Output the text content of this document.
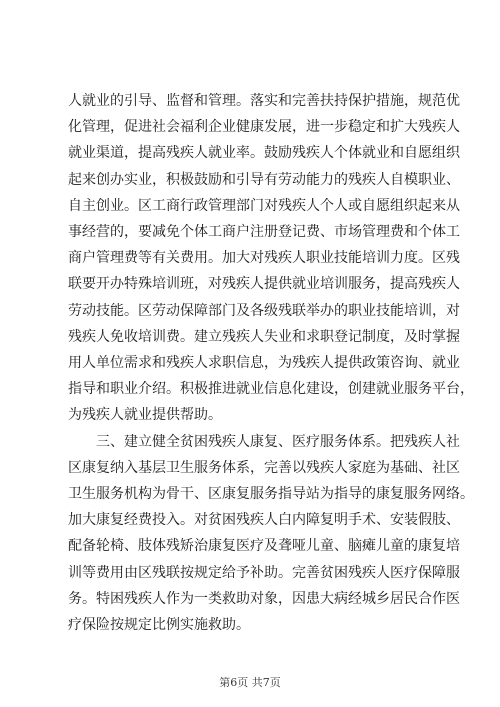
人就业的引导、监督和管理。落实和完善扶持保护措施，规范优
化管理，促进社会福利企业健康发展，进一步稳定和扩大残疾人
就业渠道，提高残疾人就业率。鼓励残疾人个体就业和自愿组织
起来创办实业，积极鼓励和引导有劳动能力的残疾人自模职业、
自主创业。区工商行政管理部门对残疾人个人或自愿组织起来从
事经营的，要减免个体工商户注册登记费、市场管理费和个体工
商户管理费等有关费用。加大对残疾人职业技能培训力度。区残
联要开办特殊培训班，对残疾人提供就业培训服务，提高残疾人
劳动技能。区劳动保障部门及各级残联举办的职业技能培训，对
残疾人免收培训费。建立残疾人失业和求职登记制度，及时掌握
用人单位需求和残疾人求职信息，为残疾人提供政策咨询、就业
指导和职业介绍。积极推进就业信息化建设，创建就业服务平台，
为残疾人就业提供帮助。
　　三、建立健全贫困残疾人康复、医疗服务体系。把残疾人社
区康复纳入基层卫生服务体系，完善以残疾人家庭为基础、社区
卫生服务机构为骨干、区康复服务指导站为指导的康复服务网络。
加大康复经费投入。对贫困残疾人白内障复明手术、安装假肢、
配备轮椅、肢体残矫治康复医疗及聋哑儿童、脑瘫儿童的康复培
训等费用由区残联按规定给予补助。完善贫困残疾人医疗保障服
务。特困残疾人作为一类救助对象，因患大病经城乡居民合作医
疗保险按规定比例实施救助。
第6页 共7页
